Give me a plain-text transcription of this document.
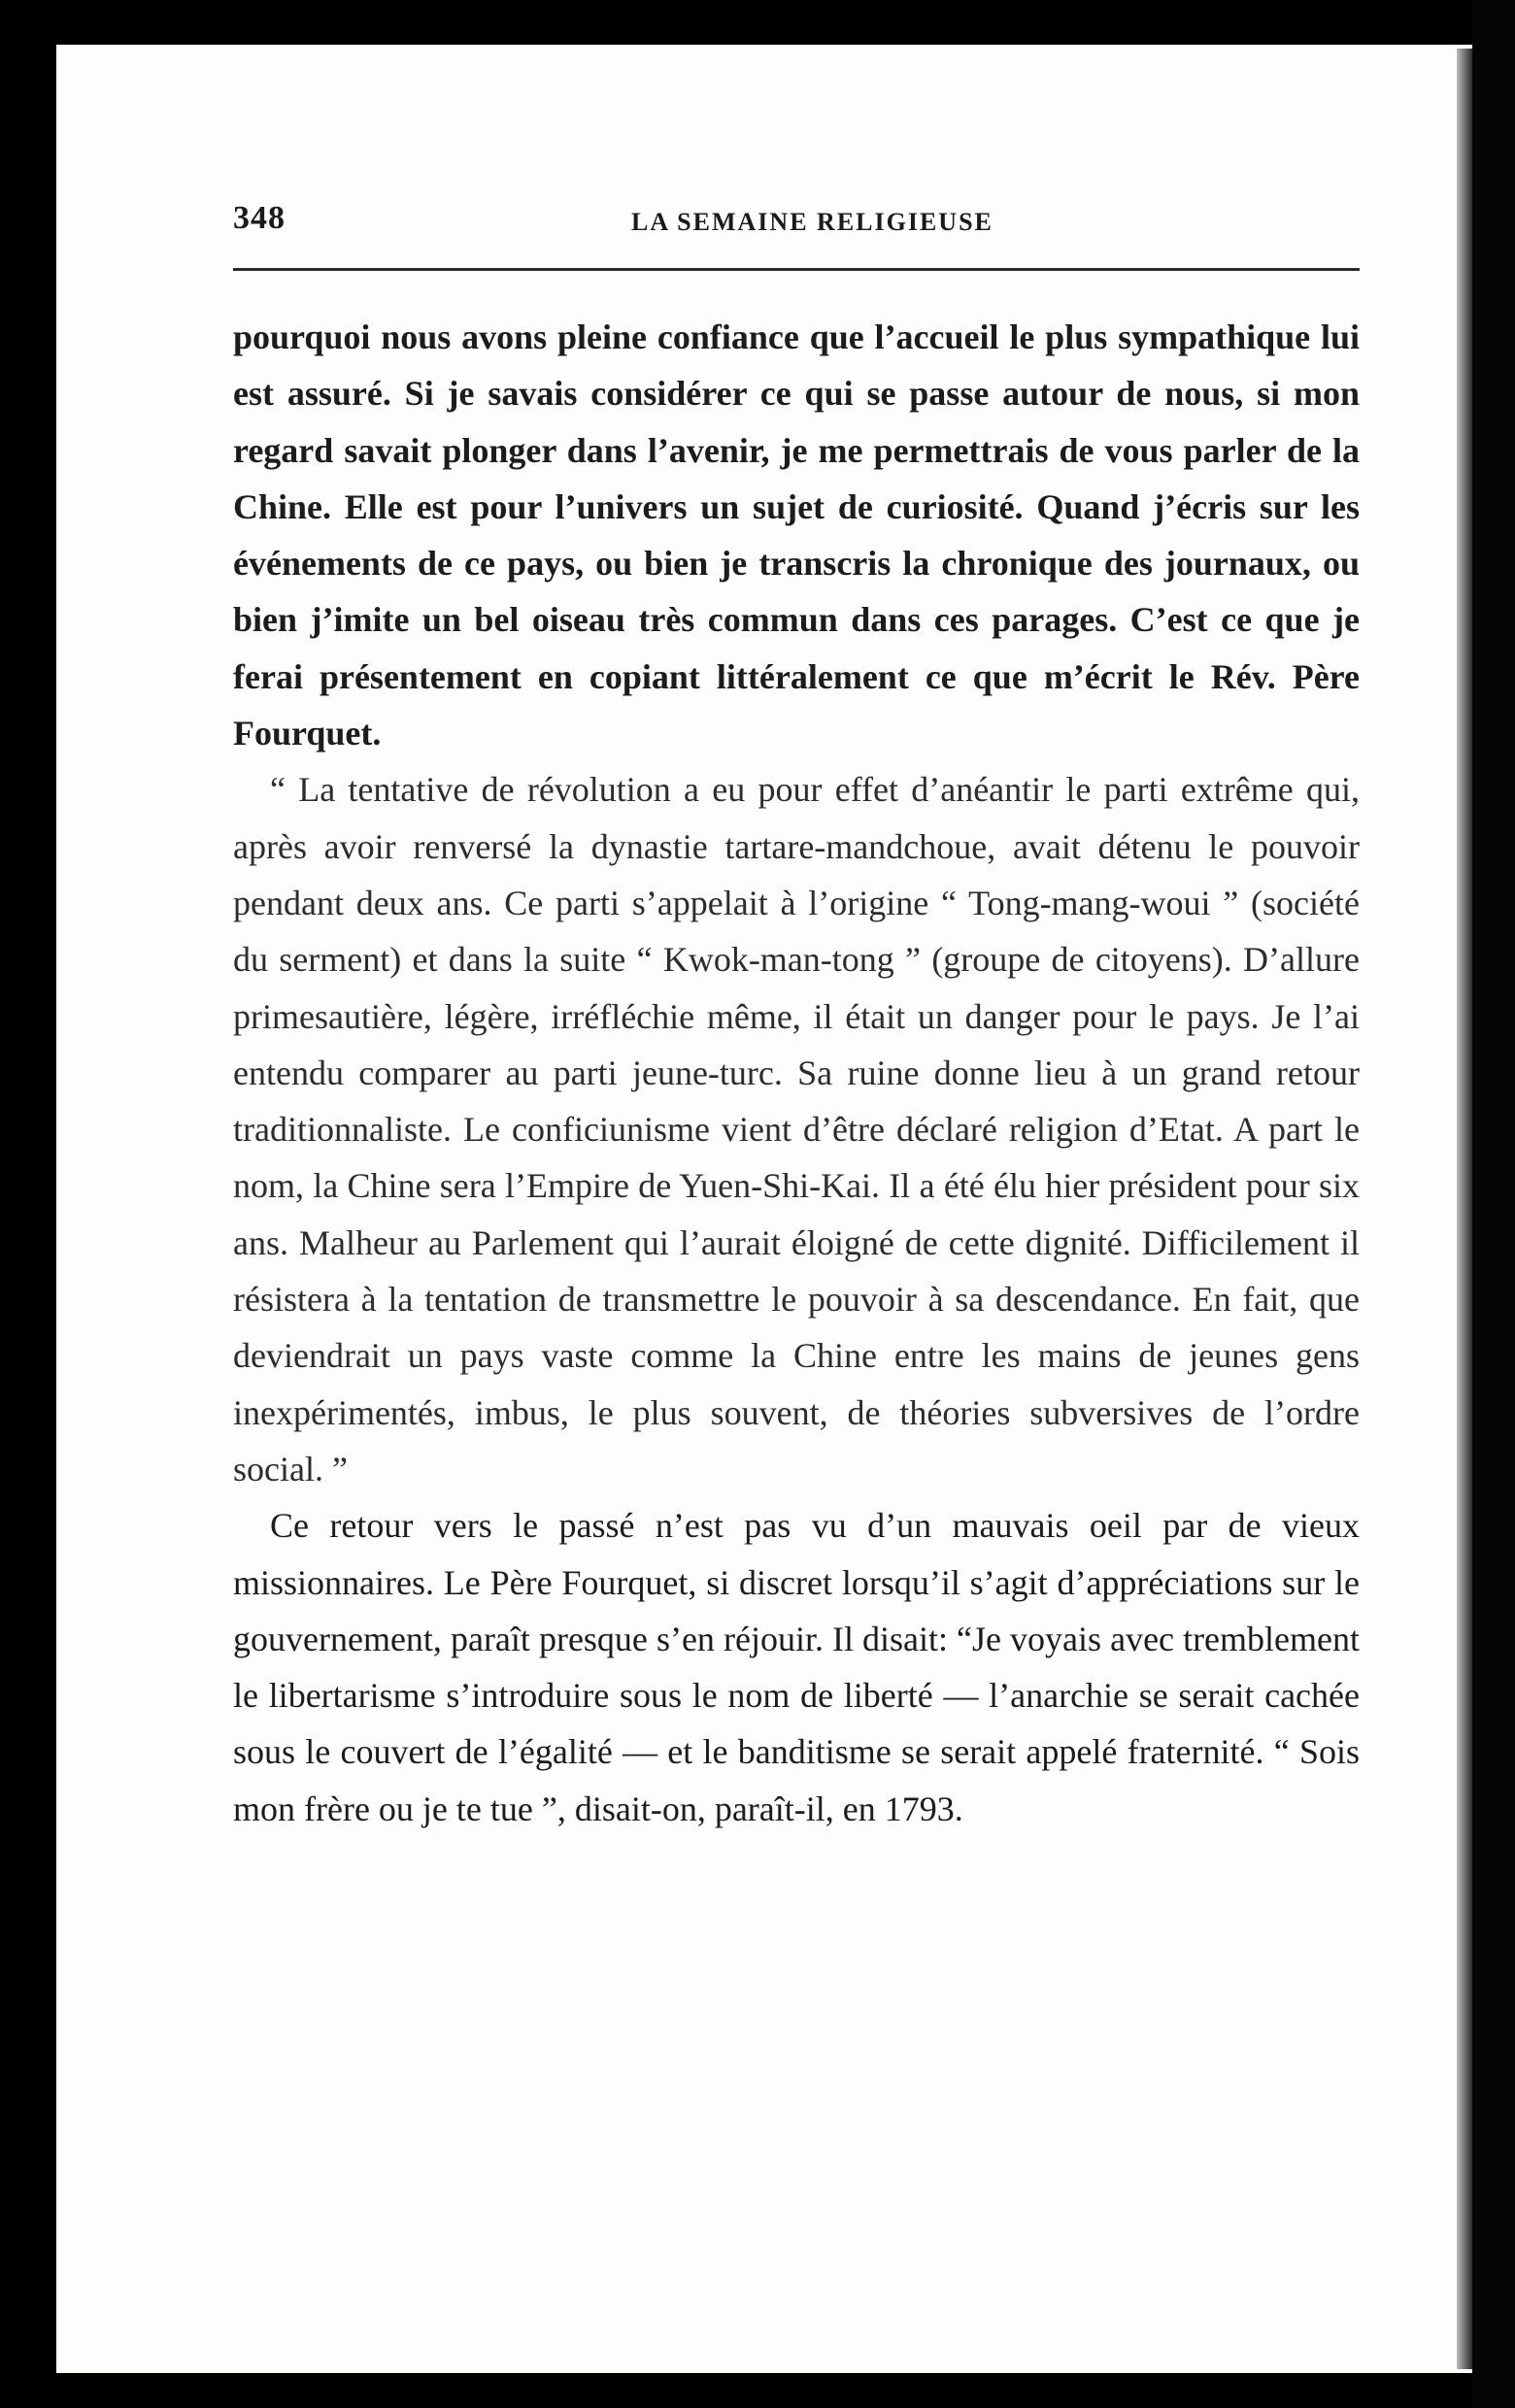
348	LA SEMAINE RELIGIEUSE

pourquoi nous avons pleine confiance que l’accueil le plus sympathique lui est assuré. Si je savais considérer ce qui se passe autour de nous, si mon regard savait plonger dans l’avenir, je me permettrais de vous parler de la Chine. Elle est pour l’univers un sujet de curiosité. Quand j’écris sur les événements de ce pays, ou bien je transcris la chronique des journaux, ou bien j’imite un bel oiseau très commun dans ces parages. C’est ce que je ferai présentement en copiant littéralement ce que m’écrit le Rév. Père Fourquet.

“ La tentative de révolution a eu pour effet d’anéantir le parti extrême qui, après avoir renversé la dynastie tartare-mandchoue, avait détenu le pouvoir pendant deux ans. Ce parti s’appelait à l’origine “ Tong-mang-woui ” (société du serment) et dans la suite “ Kwok-man-tong ” (groupe de citoyens). D’allure primesautière, légère, irréfléchie même, il était un danger pour le pays. Je l’ai entendu comparer au parti jeune-turc. Sa ruine donne lieu à un grand retour traditionnaliste. Le conficiunisme vient d’être déclaré religion d’Etat. A part le nom, la Chine sera l’Empire de Yuen-Shi-Kai. Il a été élu hier président pour six ans. Malheur au Parlement qui l’aurait éloigné de cette dignité. Difficilement il résistera à la tentation de transmettre le pouvoir à sa descendance. En fait, que deviendrait un pays vaste comme la Chine entre les mains de jeunes gens inexpérimentés, imbus, le plus souvent, de théories subversives de l’ordre social. ”

Ce retour vers le passé n’est pas vu d’un mauvais oeil par de vieux missionnaires. Le Père Fourquet, si discret lorsqu’il s’agit d’appréciations sur le gouvernement, paraît presque s’en réjouir. Il disait: “Je voyais avec tremblement le libertarisme s’introduire sous le nom de liberté — l’anarchie se serait cachée sous le couvert de l’égalité — et le banditisme se serait appelé fraternité. “ Sois mon frère ou je te tue ”, disait-on, paraît-il, en 1793.
